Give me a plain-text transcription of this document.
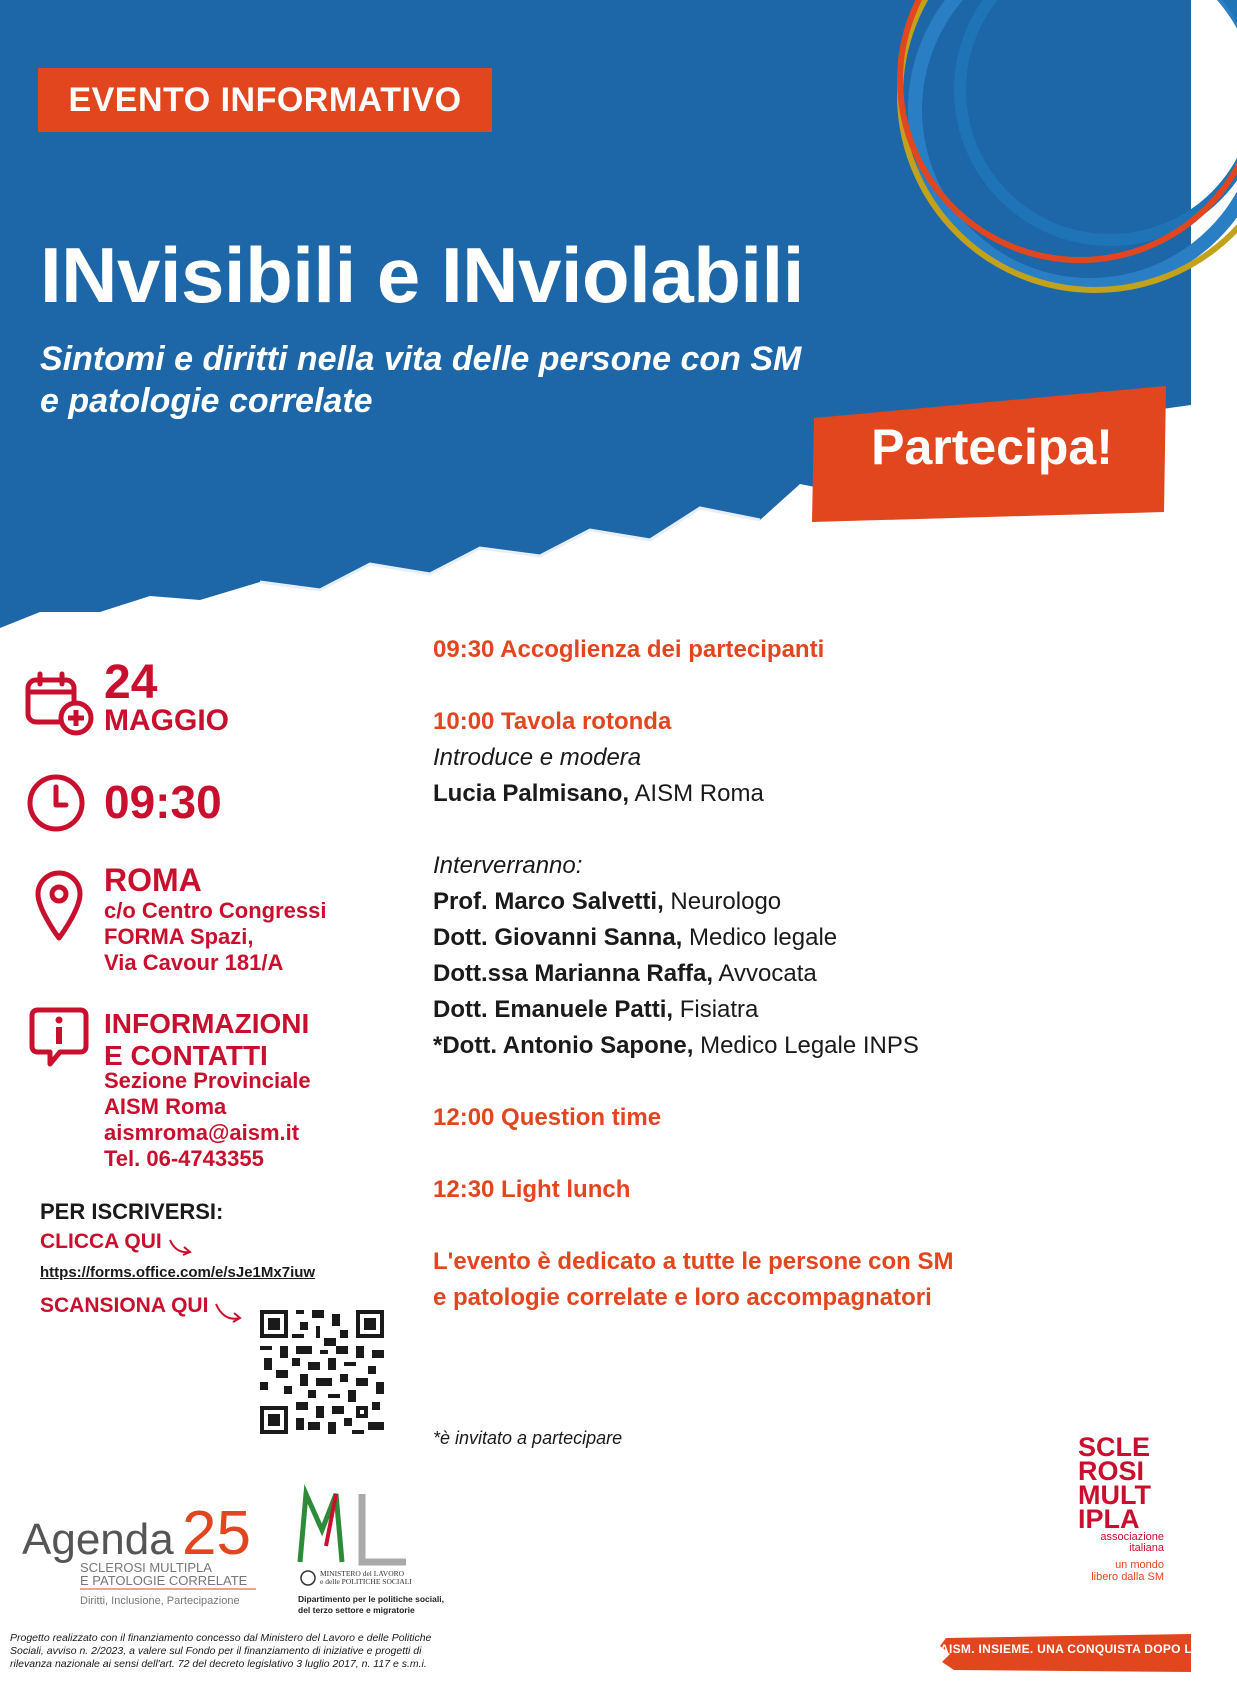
EVENTO INFORMATIVO
INvisibili e INviolabili
Sintomi e diritti nella vita delle persone con SM
e patologie correlate
Partecipa!
24
MAGGIO
09:30
ROMA
c/o Centro Congressi
FORMA Spazi,
Via Cavour 181/A
INFORMAZIONI
E CONTATTI
Sezione Provinciale
AISM Roma
aismroma@aism.it
Tel. 06-4743355
PER ISCRIVERSI:
CLICCA QUI
https://forms.office.com/e/sJe1Mx7iuw
SCANSIONA QUI
09:30 Accoglienza dei partecipanti
10:00 Tavola rotonda
Introduce e modera
Lucia Palmisano, AISM Roma
Interverranno:
Prof. Marco Salvetti, Neurologo
Dott. Giovanni Sanna, Medico legale
Dott.ssa Marianna Raffa, Avvocata
Dott. Emanuele Patti, Fisiatra
*Dott. Antonio Sapone, Medico Legale INPS
12:00 Question time
12:30 Light lunch
L'evento è dedicato a tutte le persone con SM
e patologie correlate e loro accompagnatori
*è invitato a partecipare
Agenda 25
SCLEROSI MULTIPLA
E PATOLOGIE CORRELATE
Diritti, Inclusione, Partecipazione
MINISTERO del LAVORO
e delle POLITICHE SOCIALI
Dipartimento per le politiche sociali,
del terzo settore e migratorie
SCLE
ROSI
MULT
IPLA
associazione
italiana
un mondo
libero dalla SM
Progetto realizzato con il finanziamento concesso dal Ministero del Lavoro e delle Politiche
Sociali, avviso n. 2/2023, a valere sul Fondo per il finanziamento di iniziative e progetti di
rilevanza nazionale ai sensi dell'art. 72 del decreto legislativo 3 luglio 2017, n. 117 e s.m.i.
AISM. INSIEME. UNA CONQUISTA DOPO L'ALTRA
